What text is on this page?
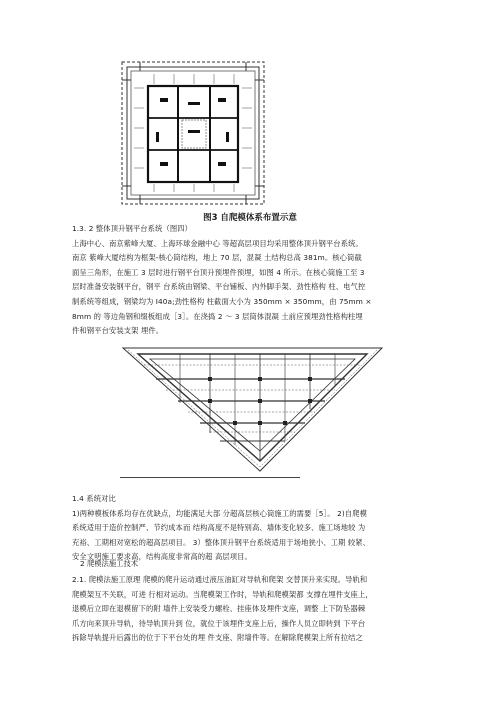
图3 自爬模体系布置示意
1.3. 2 整体顶升钢平台系统（图四）
上海中心、南京紫峰大厦、上海环球金融中心 等超高层项目均采用整体顶升钢平台系统。
南京 紫峰大厦结构为框架-核心筒结构，地上 70 层，混凝 土结构总高 381m。核心筒截
面呈三角形，在施工 3 层时进行钢平台顶升预埋件预埋，如图 4 所示。在核心筒施工至 3
层时准备安装钢平台，钢平 台系统由钢梁、平台铺板、内外脚手架、劲性格构 柱、电气控
制系统等组成，钢梁均为 I40a;劲性格构 柱截面大小为 350mm × 350mm，由 75mm ×
8mm 的 等边角钢和缀板组成［3］。在浇捣 2 ～ 3 层筒体混凝 土前应预埋劲性格构柱埋
件和钢平台安装支架 埋件。
1.4 系统对比
1)两种模板体系均存在优缺点，均能满足大部 分超高层核心筒施工的需要［5］。 2)自爬模
系统适用于造价控制严、节约成本而 结构高度不是特别高、墙体变化较多、施工场地较 为
充裕、工期相对宽松的超高层项目。 3）整体顶升钢平台系统适用于场地狭小、工期 较紧、
安全文明施工要求高，结构高度非常高的超 高层项目。
2 爬模法施工技术
2.1. 爬模法施工原理 爬模的爬升运动通过液压油缸对导轨和爬架 交替顶升来实现。导轨和
爬模架互不关联，可进 行相对运动。当爬模架工作时，导轨和爬模架都 支撑在埋件支座上，
退模后立即在退模留下的附 墙件上安装受力螺栓、挂座体及埋件支座，调整 上下防坠器棘
爪方向来顶升导轨，待导轨顶升到 位，就位于该埋件支座上后，操作人员立即转到 下平台
拆除导轨提升后露出的位于下平台处的埋 件支座、附墙件等。在解除爬模架上所有拉结之
